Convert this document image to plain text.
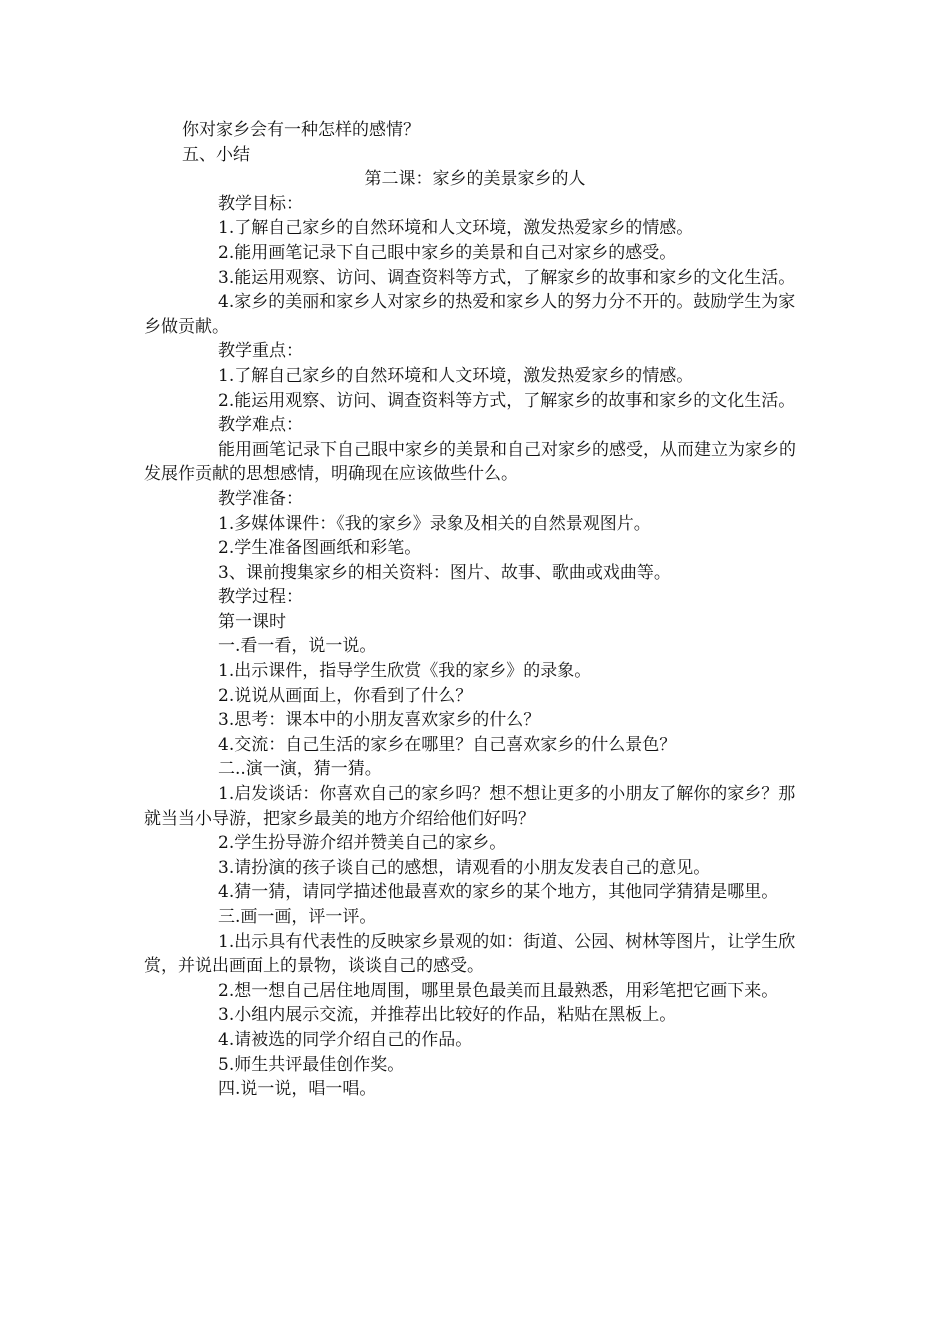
你对家乡会有一种怎样的感情？

五、小结

第二课：家乡的美景家乡的人

教学目标：

1.了解自己家乡的自然环境和人文环境，激发热爱家乡的情感。

2.能用画笔记录下自己眼中家乡的美景和自己对家乡的感受。

3.能运用观察、访问、调查资料等方式，了解家乡的故事和家乡的文化生活。

4.家乡的美丽和家乡人对家乡的热爱和家乡人的努力分不开的。鼓励学生为家乡做贡献。

教学重点：

1.了解自己家乡的自然环境和人文环境，激发热爱家乡的情感。

2.能运用观察、访问、调查资料等方式，了解家乡的故事和家乡的文化生活。

教学难点：

能用画笔记录下自己眼中家乡的美景和自己对家乡的感受，从而建立为家乡的发展作贡献的思想感情，明确现在应该做些什么。

教学准备：

1.多媒体课件：《我的家乡》录象及相关的自然景观图片。

2.学生准备图画纸和彩笔。

3、课前搜集家乡的相关资料：图片、故事、歌曲或戏曲等。

教学过程：

第一课时

一.看一看，说一说。

1.出示课件，指导学生欣赏《我的家乡》的录象。

2.说说从画面上，你看到了什么？

3.思考：课本中的小朋友喜欢家乡的什么？

4.交流：自己生活的家乡在哪里？自己喜欢家乡的什么景色？

二..演一演，猜一猜。

1.启发谈话：你喜欢自己的家乡吗？想不想让更多的小朋友了解你的家乡？那就当当小导游，把家乡最美的地方介绍给他们好吗？

2.学生扮导游介绍并赞美自己的家乡。

3.请扮演的孩子谈自己的感想，请观看的小朋友发表自己的意见。

4.猜一猜，请同学描述他最喜欢的家乡的某个地方，其他同学猜猜是哪里。

三.画一画，评一评。

1.出示具有代表性的反映家乡景观的如：街道、公园、树林等图片，让学生欣赏，并说出画面上的景物，谈谈自己的感受。

2.想一想自己居住地周围，哪里景色最美而且最熟悉，用彩笔把它画下来。

3.小组内展示交流，并推荐出比较好的作品，粘贴在黑板上。

4.请被选的同学介绍自己的作品。

5.师生共评最佳创作奖。

四.说一说，唱一唱。
